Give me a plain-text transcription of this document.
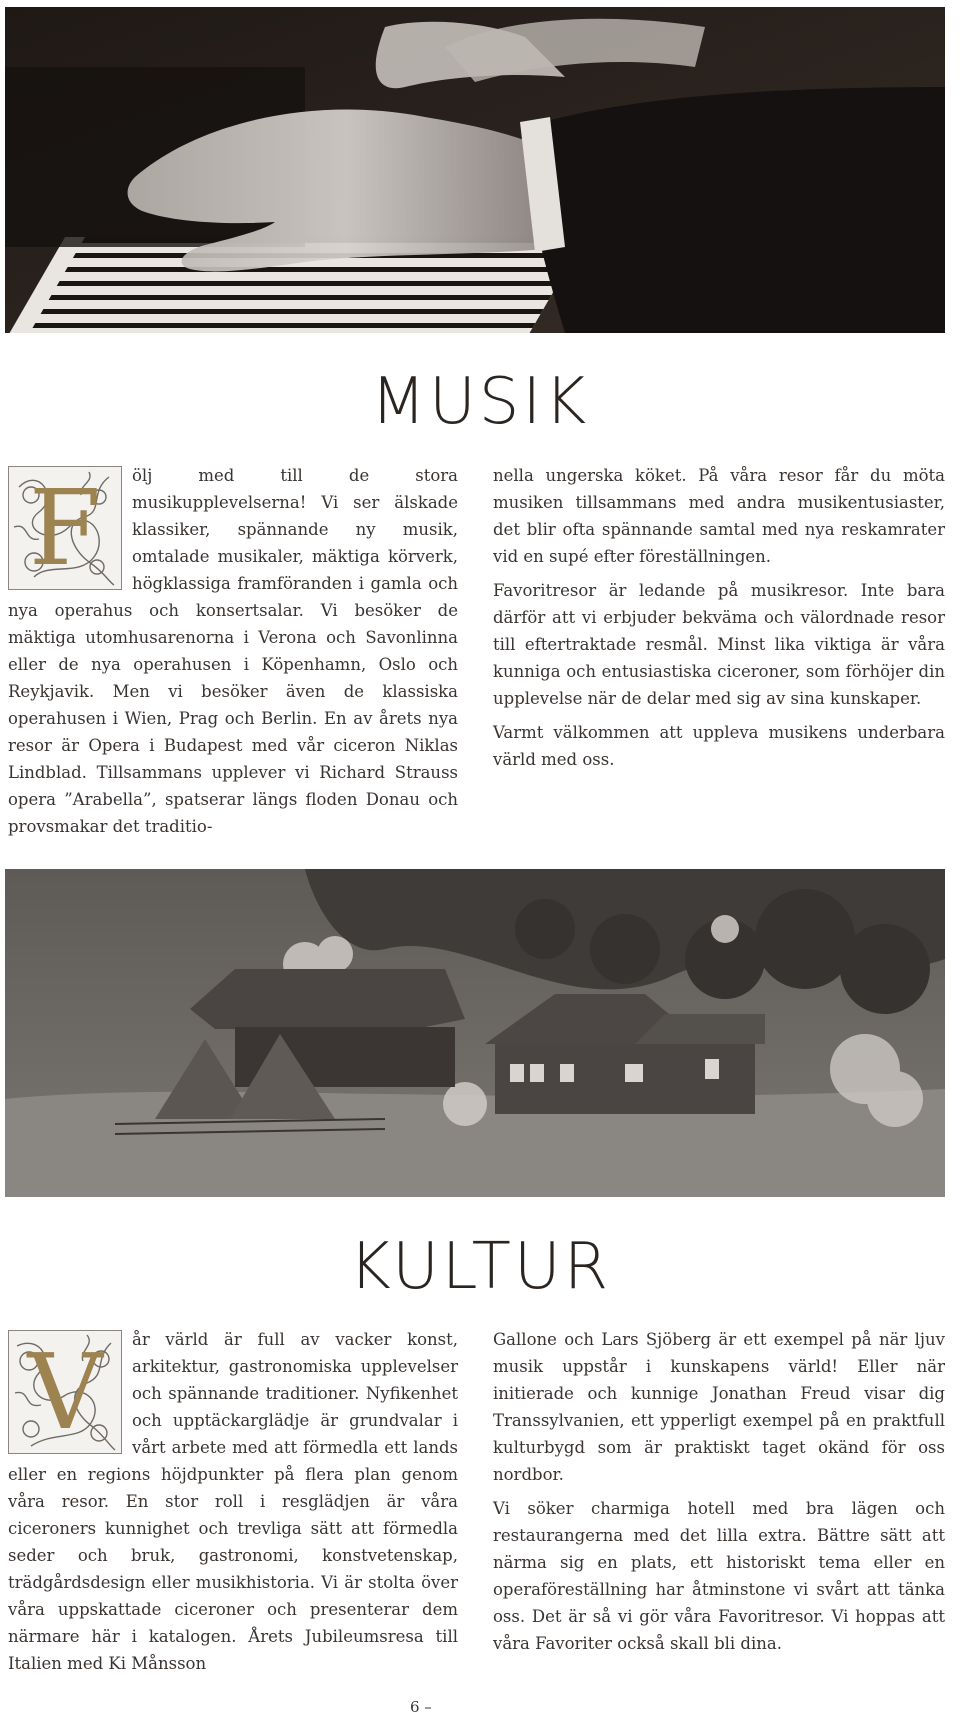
MUSIK
F	ölj med till de stora musikupplevelserna! Vi ser älskade klassiker, spännande ny musik, omtalade musikaler, mäktiga körverk, högklassiga framföranden i gamla och nya operahus och konsertsalar. Vi besöker de mäktiga utomhusarenorna i Verona och Savonlinna eller de nya operahusen i Köpenhamn, Oslo och Reykjavik. Men vi besöker även de klassiska operahusen i Wien, Prag och Berlin. En av årets nya resor är Opera i Budapest med vår ciceron Niklas Lindblad. Tillsammans upplever vi Richard Strauss opera ”Arabella”, spatserar längs floden Donau och provsmakar det traditio-

nella ungerska köket. På våra resor får du möta musiken tillsammans med andra musikentusiaster, det blir ofta spännande samtal med nya reskamrater vid en supé efter föreställningen.

Favoritresor är ledande på musikresor. Inte bara därför att vi erbjuder bekväma och välordnade resor till eftertraktade resmål. Minst lika viktiga är våra kunniga och entusiastiska ciceroner, som förhöjer din upplevelse när de delar med sig av sina kunskaper.

Varmt välkommen att uppleva musikens underbara värld med oss.

KULTUR
V	år värld är full av vacker konst, arkitektur, gastronomiska upplevelser och spännande traditioner. Nyfikenhet och upptäckarglädje är grundvalar i vårt arbete med att förmedla ett lands eller en regions höjdpunkter på flera plan genom våra resor. En stor roll i resglädjen är våra ciceroners kunnighet och trevliga sätt att förmedla seder och bruk, gastronomi, konstvetenskap, trädgårdsdesign eller musikhistoria. Vi är stolta över våra uppskattade ciceroner och presenterar dem närmare här i katalogen. Årets Jubileumsresa till Italien med Ki Månsson

Gallone och Lars Sjöberg är ett exempel på när ljuv musik uppstår i kunskapens värld! Eller när initierade och kunnige Jonathan Freud visar dig Transsylvanien, ett ypperligt exempel på en praktfull kulturbygd som är praktiskt taget okänd för oss nordbor.

Vi söker charmiga hotell med bra lägen och restaurangerna med det lilla extra. Bättre sätt att närma sig en plats, ett historiskt tema eller en operaföreställning har åtminstone vi svårt att tänka oss. Det är så vi gör våra Favoritresor. Vi hoppas att våra Favoriter också skall bli dina.

6 –
